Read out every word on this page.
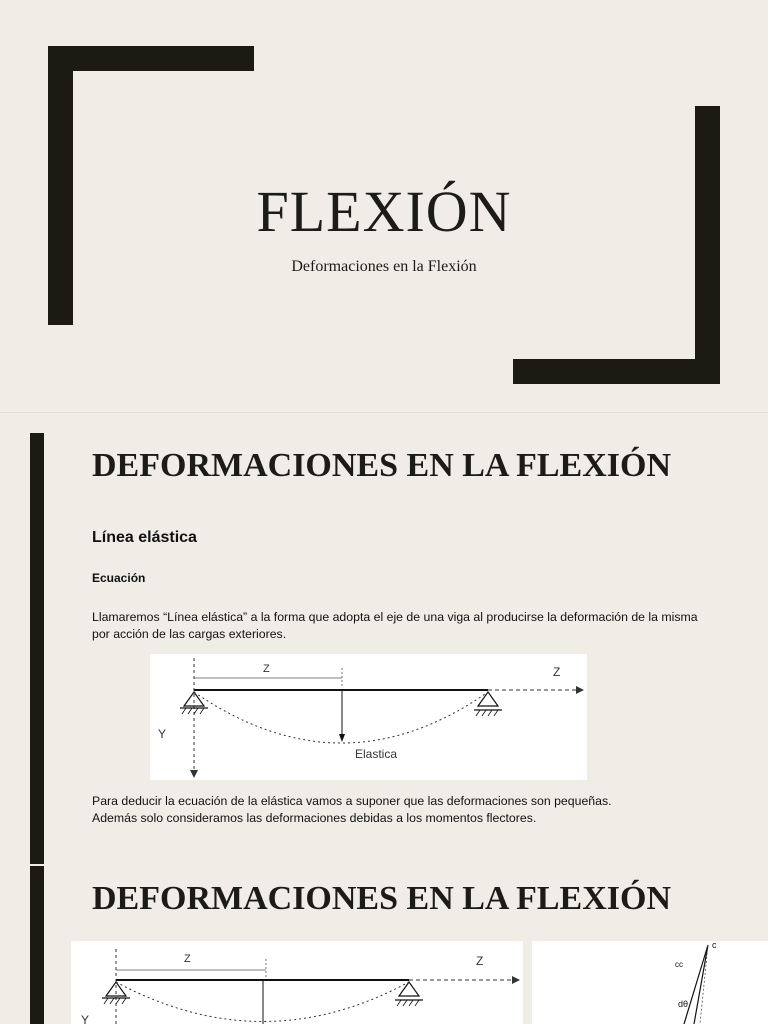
FLEXIÓN
Deformaciones en la Flexión
DEFORMACIONES EN LA FLEXIÓN
Línea elástica
Ecuación
Llamaremos “Línea elástica” a la forma que adopta el eje de una viga al producirse la deformación de la misma por acción de las cargas exteriores.
Z	Z
Y
Elastica
Para deducir la ecuación de la elástica vamos a suponer que las deformaciones son pequeñas.
Además solo consideramos las deformaciones debidas a los momentos flectores.
DEFORMACIONES EN LA FLEXIÓN
Z	Z
Y
c
cc
dθ
